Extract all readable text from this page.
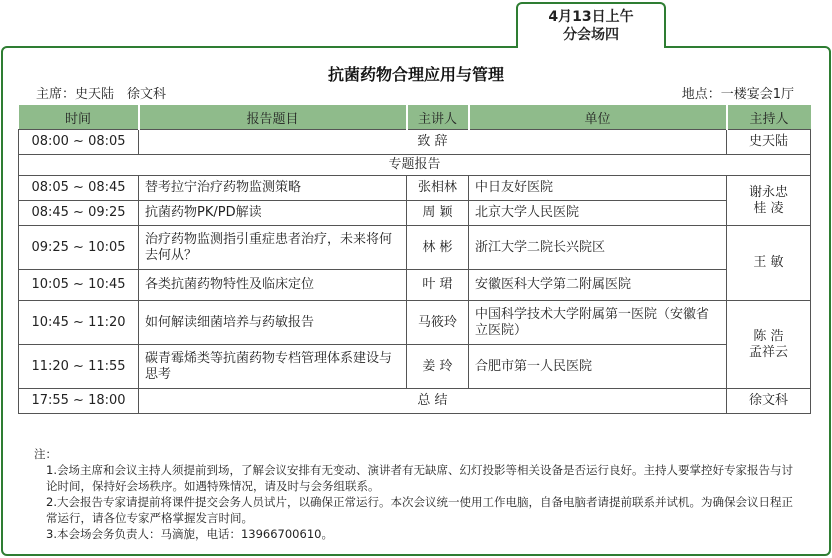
4月13日上午
分会场四
抗菌药物合理应用与管理
主席：史天陆　徐文科	地点：一楼宴会1厅
时间	报告题目	主讲人	单位	主持人
08:00 ~ 08:05	致 辞			史天陆
专题报告				
08:05 ~ 08:45	替考拉宁治疗药物监测策略	张相林	中日友好医院	谢永忠
桂 凌

08:45 ~ 09:25	抗菌药物PK/PD解读	周 颖	北京大学人民医院	
09:25 ~ 10:05	治疗药物监测指引重症患者治疗，未来将何去何从？	林 彬	浙江大学二院长兴院区	王 敏
10:05 ~ 10:45	各类抗菌药物特性及临床定位	叶 珺	安徽医科大学第二附属医院	
10:45 ~ 11:20	如何解读细菌培养与药敏报告	马筱玲	中国科学技术大学附属第一医院（安徽省立医院）	陈 浩
孟祥云

11:20 ~ 11:55	碳青霉烯类等抗菌药物专档管理体系建设与思考	姜 玲	合肥市第一人民医院	
17:55 ~ 18:00	总 结			徐文科
注：

1.会场主席和会议主持人须提前到场，了解会议安排有无变动、演讲者有无缺席、幻灯投影等相关设备是否运行良好。主持人要掌控好专家报告与讨论时间，保持好会场秩序。如遇特殊情况，请及时与会务组联系。

2.大会报告专家请提前将课件提交会务人员试片，以确保正常运行。本次会议统一使用工作电脑，自备电脑者请提前联系并试机。为确保会议日程正常运行，请各位专家严格掌握发言时间。

3.本会场会务负责人：马滴旎，电话：13966700610。
